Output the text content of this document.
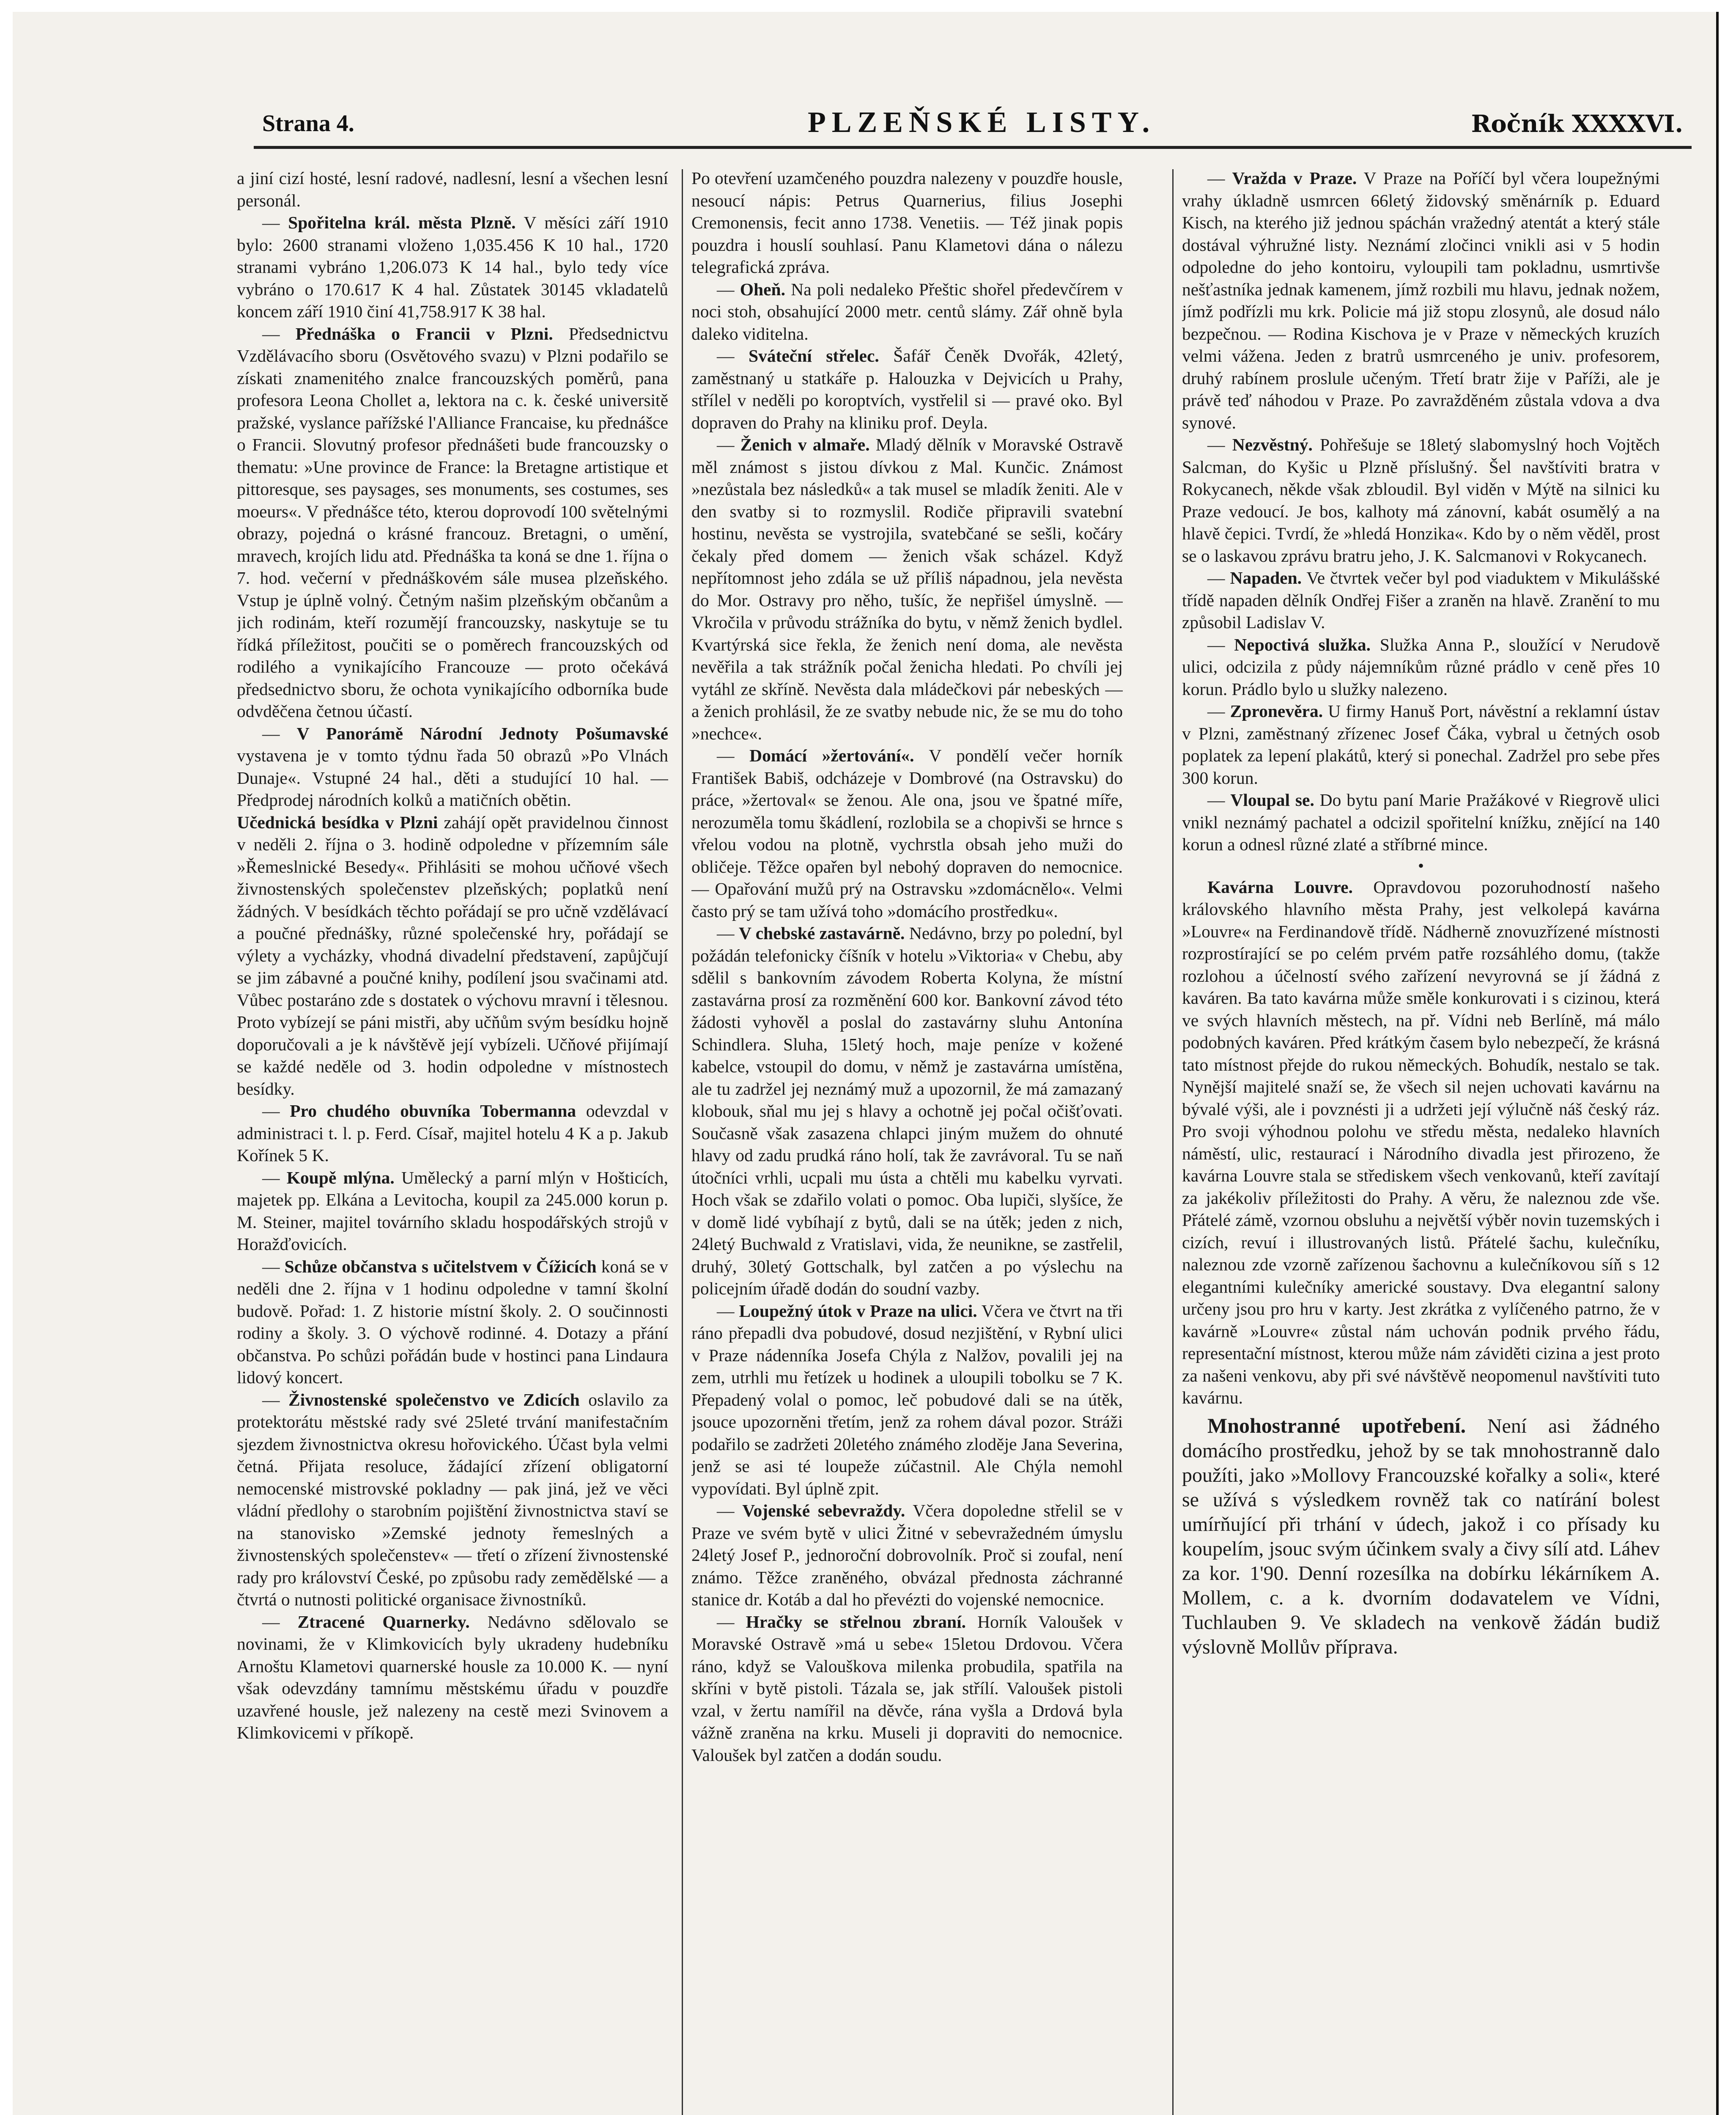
Strana 4.	PLZEŇSKÉ LISTY.	Ročník XXXXVI.

a jiní cizí hosté, lesní radové, nadlesní, lesní a všechen lesní personál.

— Spořitelna král. města Plzně. V měsíci září 1910 bylo: 2600 stranami vloženo 1,035.456 K 10 hal., 1720 stranami vybráno 1,206.073 K 14 hal., bylo tedy více vybráno o 170.617 K 4 hal. Zůstatek 30145 vkladatelů koncem září 1910 činí 41,758.917 K 38 hal.

— Přednáška o Francii v Plzni. Předsednictvu Vzdělávacího sboru (Osvětového svazu) v Plzni podařilo se získati znamenitého znalce francouzských poměrů, pana profesora Leona Chollet a, lektora na c. k. české universitě pražské, vyslance pařížské l'Alliance Francaise, ku přednášce o Francii. Slovutný profesor přednášeti bude francouzsky o thematu: »Une province de France: la Bretagne artistique et pittoresque, ses paysages, ses monuments, ses costumes, ses moeurs«. V přednášce této, kterou doprovodí 100 světelnými obrazy, pojedná o krásné francouz. Bretagni, o umění, mravech, krojích lidu atd. Přednáška ta koná se dne 1. října o 7. hod. večerní v přednáškovém sále musea plzeňského. Vstup je úplně volný. Četným našim plzeňským občanům a jich rodinám, kteří rozumějí francouzsky, naskytuje se tu řídká příležitost, poučiti se o poměrech francouzských od rodilého a vynikajícího Francouze — proto očekává předsednictvo sboru, že ochota vynikajícího odborníka bude odvděčena četnou účastí.

— V Panorámě Národní Jednoty Pošumavské vystavena je v tomto týdnu řada 50 obrazů »Po Vlnách Dunaje«. Vstupné 24 hal., děti a studující 10 hal. — Předprodej národních kolků a matičních obětin.

Učednická besídka v Plzni zahájí opět pravidelnou činnost v neděli 2. října o 3. hodině odpoledne v přízemním sále »Řemeslnické Besedy«. Přihlásiti se mohou učňové všech živnostenských společenstev plzeňských; poplatků není žádných. V besídkách těchto pořádají se pro učně vzdělávací a poučné přednášky, různé společenské hry, pořádají se výlety a vycházky, vhodná divadelní představení, zapůjčují se jim zábavné a poučné knihy, podílení jsou svačinami atd. Vůbec postaráno zde s dostatek o výchovu mravní i tělesnou. Proto vybízejí se páni mistři, aby učňům svým besídku hojně doporučovali a je k návštěvě její vybízeli. Učňové přijímají se každé neděle od 3. hodin odpoledne v místnostech besídky.

— Pro chudého obuvníka Tobermanna odevzdal v administraci t. l. p. Ferd. Císař, majitel hotelu 4 K a p. Jakub Kořínek 5 K.

— Koupě mlýna. Umělecký a parní mlýn v Hošticích, majetek pp. Elkána a Levitocha, koupil za 245.000 korun p. M. Steiner, majitel továrního skladu hospodářských strojů v Horažďovicích.

— Schůze občanstva s učitelstvem v Čížicích koná se v neděli dne 2. října v 1 hodinu odpoledne v tamní školní budově. Pořad: 1. Z historie místní školy. 2. O součinnosti rodiny a školy. 3. O výchově rodinné. 4. Dotazy a přání občanstva. Po schůzi pořádán bude v hostinci pana Lindaura lidový koncert.

— Živnostenské společenstvo ve Zdicích oslavilo za protektorátu městské rady své 25leté trvání manifestačním sjezdem živnostnictva okresu hořovického. Účast byla velmi četná. Přijata resoluce, žádající zřízení obligatorní nemocenské mistrovské pokladny — pak jiná, jež ve věci vládní předlohy o starobním pojištění živnostnictva staví se na stanovisko »Zemské jednoty řemeslných a živnostenských společenstev« — třetí o zřízení živnostenské rady pro království České, po způsobu rady zemědělské — a čtvrtá o nutnosti politické organisace živnostníků.

— Ztracené Quarnerky. Nedávno sdělovalo se novinami, že v Klimkovicích byly ukradeny hudebníku Arnoštu Klametovi quarnerské housle za 10.000 K. — nyní však odevzdány tamnímu městskému úřadu v pouzdře uzavřené housle, jež nalezeny na cestě mezi Svinovem a Klimkovicemi v příkopě.

Po otevření uzamčeného pouzdra nalezeny v pouzdře housle, nesoucí nápis: Petrus Quarnerius, filius Josephi Cremonensis, fecit anno 1738. Venetiis. — Též jinak popis pouzdra i houslí souhlasí. Panu Klametovi dána o nálezu telegrafická zpráva.

— Oheň. Na poli nedaleko Přeštic shořel předevčírem v noci stoh, obsahující 2000 metr. centů slámy. Zář ohně byla daleko viditelna.

— Sváteční střelec. Šafář Čeněk Dvořák, 42letý, zaměstnaný u statkáře p. Halouzka v Dejvicích u Prahy, střílel v neděli po koroptvích, vystřelil si — pravé oko. Byl dopraven do Prahy na kliniku prof. Deyla.

— Ženich v almaře. Mladý dělník v Moravské Ostravě měl známost s jistou dívkou z Mal. Kunčic. Známost »nezůstala bez následků« a tak musel se mladík ženiti. Ale v den svatby si to rozmyslil. Rodiče připravili svatební hostinu, nevěsta se vystrojila, svatebčané se sešli, kočáry čekaly před domem — ženich však scházel. Když nepřítomnost jeho zdála se už příliš nápadnou, jela nevěsta do Mor. Ostravy pro něho, tušíc, že nepřišel úmyslně. — Vkročila v průvodu strážníka do bytu, v němž ženich bydlel. Kvartýrská sice řekla, že ženich není doma, ale nevěsta nevěřila a tak strážník počal ženicha hledati. Po chvíli jej vytáhl ze skříně. Nevěsta dala mládečkovi pár nebeských — a ženich prohlásil, že ze svatby nebude nic, že se mu do toho »nechce«.

— Domácí »žertování«. V pondělí večer horník František Babiš, odcházeje v Dombrové (na Ostravsku) do práce, »žertoval« se ženou. Ale ona, jsou ve špatné míře, nerozuměla tomu škádlení, rozlobila se a chopivši se hrnce s vřelou vodou na plotně, vychrstla obsah jeho muži do obličeje. Těžce opařen byl nebohý dopraven do nemocnice. — Opařování mužů prý na Ostravsku »zdomácnělo«. Velmi často prý se tam užívá toho »domácího prostředku«.

— V chebské zastavárně. Nedávno, brzy po polední, byl požádán telefonicky číšník v hotelu »Viktoria« v Chebu, aby sdělil s bankovním závodem Roberta Kolyna, že místní zastavárna prosí za rozměnění 600 kor. Bankovní závod této žádosti vyhověl a poslal do zastavárny sluhu Antonína Schindlera. Sluha, 15letý hoch, maje peníze v kožené kabelce, vstoupil do domu, v němž je zastavárna umístěna, ale tu zadržel jej neznámý muž a upozornil, že má zamazaný klobouk, sňal mu jej s hlavy a ochotně jej počal očišťovati. Současně však zasazena chlapci jiným mužem do ohnuté hlavy od zadu prudká ráno holí, tak že zavrávoral. Tu se naň útočníci vrhli, ucpali mu ústa a chtěli mu kabelku vyrvati. Hoch však se zdařilo volati o pomoc. Oba lupiči, slyšíce, že v domě lidé vybíhají z bytů, dali se na útěk; jeden z nich, 24letý Buchwald z Vratislavi, vida, že neunikne, se zastřelil, druhý, 30letý Gottschalk, byl zatčen a po výslechu na policejním úřadě dodán do soudní vazby.

— Loupežný útok v Praze na ulici. Včera ve čtvrt na tři ráno přepadli dva pobudové, dosud nezjištění, v Rybní ulici v Praze nádenníka Josefa Chýla z Nalžov, povalili jej na zem, utrhli mu řetízek u hodinek a uloupili tobolku se 7 K. Přepadený volal o pomoc, leč pobudové dali se na útěk, jsouce upozorněni třetím, jenž za rohem dával pozor. Stráži podařilo se zadržeti 20letého známého zloděje Jana Severina, jenž se asi té loupeže zúčastnil. Ale Chýla nemohl vypovídati. Byl úplně zpit.

— Vojenské sebevraždy. Včera dopoledne střelil se v Praze ve svém bytě v ulici Žitné v sebevražedném úmyslu 24letý Josef P., jednoroční dobrovolník. Proč si zoufal, není známo. Těžce zraněného, obvázal přednosta záchranné stanice dr. Kotáb a dal ho převézti do vojenské nemocnice.

— Hračky se střelnou zbraní. Horník Valoušek v Moravské Ostravě »má u sebe« 15letou Drdovou. Včera ráno, když se Valouškova milenka probudila, spatřila na skříni v bytě pistoli. Tázala se, jak střílí. Valoušek pistoli vzal, v žertu namířil na děvče, rána vyšla a Drdová byla vážně zraněna na krku. Museli ji dopraviti do nemocnice. Valoušek byl zatčen a dodán soudu.

— Vražda v Praze. V Praze na Poříčí byl včera loupežnými vrahy úkladně usmrcen 66letý židovský směnárník p. Eduard Kisch, na kterého již jednou spáchán vražedný atentát a který stále dostával výhružné listy. Neznámí zločinci vnikli asi v 5 hodin odpoledne do jeho kontoiru, vyloupili tam pokladnu, usmrtivše nešťastníka jednak kamenem, jímž rozbili mu hlavu, jednak nožem, jímž podřízli mu krk. Policie má již stopu zlosynů, ale dosud nálo bezpečnou. — Rodina Kischova je v Praze v německých kruzích velmi vážena. Jeden z bratrů usmrceného je univ. profesorem, druhý rabínem proslule učeným. Třetí bratr žije v Paříži, ale je právě teď náhodou v Praze. Po zavražděném zůstala vdova a dva synové.

— Nezvěstný. Pohřešuje se 18letý slabomyslný hoch Vojtěch Salcman, do Kyšic u Plzně příslušný. Šel navštíviti bratra v Rokycanech, někde však zbloudil. Byl viděn v Mýtě na silnici ku Praze vedoucí. Je bos, kalhoty má zánovní, kabát osumělý a na hlavě čepici. Tvrdí, že »hledá Honzika«. Kdo by o něm věděl, prost se o laskavou zprávu bratru jeho, J. K. Salcmanovi v Rokycanech.

— Napaden. Ve čtvrtek večer byl pod viaduktem v Mikulášské třídě napaden dělník Ondřej Fišer a zraněn na hlavě. Zranění to mu způsobil Ladislav V.

— Nepoctivá služka. Služka Anna P., sloužící v Nerudově ulici, odcizila z půdy nájemníkům různé prádlo v ceně přes 10 korun. Prádlo bylo u služky nalezeno.

— Zpronevěra. U firmy Hanuš Port, návěstní a reklamní ústav v Plzni, zaměstnaný zřízenec Josef Čáka, vybral u četných osob poplatek za lepení plakátů, který si ponechal. Zadržel pro sebe přes 300 korun.

— Vloupal se. Do bytu paní Marie Pražákové v Riegrově ulici vnikl neznámý pachatel a odcizil spořitelní knížku, znějící na 140 korun a odnesl různé zlaté a stříbrné mince.

•

Kavárna Louvre. Opravdovou pozoruhodností našeho královského hlavního města Prahy, jest velkolepá kavárna »Louvre« na Ferdinandově třídě. Nádherně znovuzřízené místnosti rozprostírající se po celém prvém patře rozsáhlého domu, (takže rozlohou a účelností svého zařízení nevyrovná se jí žádná z kaváren. Ba tato kavárna může směle konkurovati i s cizinou, která ve svých hlavních městech, na př. Vídni neb Berlíně, má málo podobných kaváren. Před krátkým časem bylo nebezpečí, že krásná tato místnost přejde do rukou německých. Bohudík, nestalo se tak. Nynější majitelé snaží se, že všech sil nejen uchovati kavárnu na bývalé výši, ale i povznésti ji a udržeti její výlučně náš český ráz. Pro svoji výhodnou polohu ve středu města, nedaleko hlavních náměstí, ulic, restaurací i Národního divadla jest přirozeno, že kavárna Louvre stala se střediskem všech venkovanů, kteří zavítají za jakékoliv příležitosti do Prahy. A věru, že naleznou zde vše. Přátelé zámě, vzornou obsluhu a největší výběr novin tuzemských i cizích, revuí i illustrovaných listů. Přátelé šachu, kulečníku, naleznou zde vzorně zařízenou šachovnu a kulečníkovou síň s 12 elegantními kulečníky americké soustavy. Dva elegantní salony určeny jsou pro hru v karty. Jest zkrátka z vylíčeného patrno, že v kavárně »Louvre« zůstal nám uchován podnik prvého řádu, representační místnost, kterou může nám záviděti cizina a jest proto za našeni venkovu, aby při své návštěvě neopomenul navštíviti tuto kavárnu.

Mnohostranné upotřebení. Není asi žádného domácího prostředku, jehož by se tak mnohostranně dalo použíti, jako »Mollovy Francouzské kořalky a soli«, které se užívá s výsledkem rovněž tak co natírání bolest umírňující při trhání v údech, jakož i co přísady ku koupelím, jsouc svým účinkem svaly a čivy sílí atd. Láhev za kor. 1'90. Denní rozesílka na dobírku lékárníkem A. Mollem, c. a k. dvorním dodavatelem ve Vídni, Tuchlauben 9. Ve skladech na venkově žádán budiž výslovně Mollův příprava.
